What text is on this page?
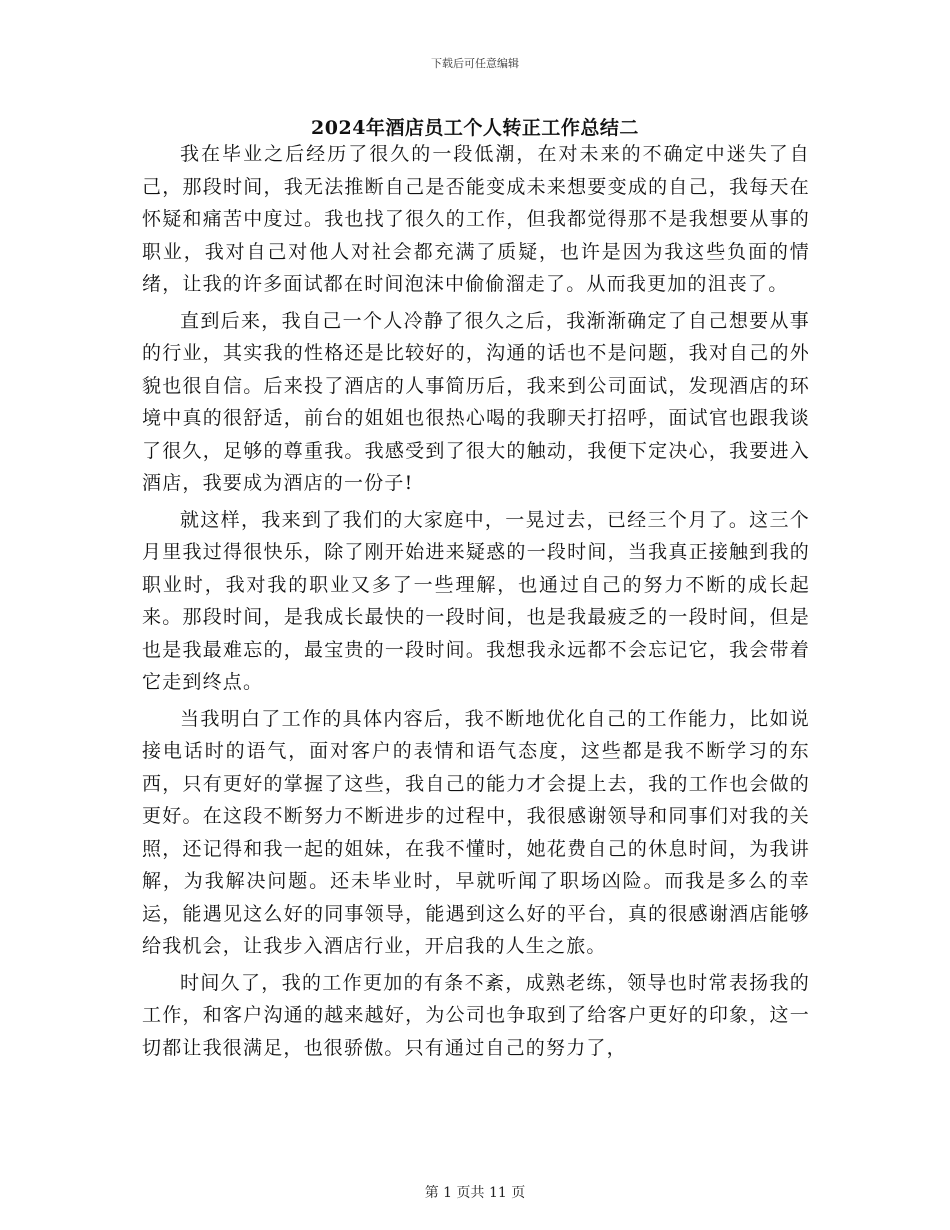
下载后可任意编辑
2024年酒店员工个人转正工作总结二

我在毕业之后经历了很久的一段低潮，在对未来的不确定中迷失了自己，那段时间，我无法推断自己是否能变成未来想要变成的自己，我每天在怀疑和痛苦中度过。我也找了很久的工作，但我都觉得那不是我想要从事的职业，我对自己对他人对社会都充满了质疑，也许是因为我这些负面的情绪，让我的许多面试都在时间泡沫中偷偷溜走了。从而我更加的沮丧了。

直到后来，我自己一个人冷静了很久之后，我渐渐确定了自己想要从事的行业，其实我的性格还是比较好的，沟通的话也不是问题，我对自己的外貌也很自信。后来投了酒店的人事简历后，我来到公司面试，发现酒店的环境中真的很舒适，前台的姐姐也很热心喝的我聊天打招呼，面试官也跟我谈了很久，足够的尊重我。我感受到了很大的触动，我便下定决心，我要进入酒店，我要成为酒店的一份子!

就这样，我来到了我们的大家庭中，一晃过去，已经三个月了。这三个月里我过得很快乐，除了刚开始进来疑惑的一段时间，当我真正接触到我的职业时，我对我的职业又多了一些理解，也通过自己的努力不断的成长起来。那段时间，是我成长最快的一段时间，也是我最疲乏的一段时间，但是也是我最难忘的，最宝贵的一段时间。我想我永远都不会忘记它，我会带着它走到终点。

当我明白了工作的具体内容后，我不断地优化自己的工作能力，比如说接电话时的语气，面对客户的表情和语气态度，这些都是我不断学习的东西，只有更好的掌握了这些，我自己的能力才会提上去，我的工作也会做的更好。在这段不断努力不断进步的过程中，我很感谢领导和同事们对我的关照，还记得和我一起的姐妹，在我不懂时，她花费自己的休息时间，为我讲解，为我解决问题。还未毕业时，早就听闻了职场凶险。而我是多么的幸运，能遇见这么好的同事领导，能遇到这么好的平台，真的很感谢酒店能够给我机会，让我步入酒店行业，开启我的人生之旅。

时间久了，我的工作更加的有条不紊，成熟老练，领导也时常表扬我的工作，和客户沟通的越来越好，为公司也争取到了给客户更好的印象，这一切都让我很满足，也很骄傲。只有通过自己的努力了，

第 1 页共 11 页
